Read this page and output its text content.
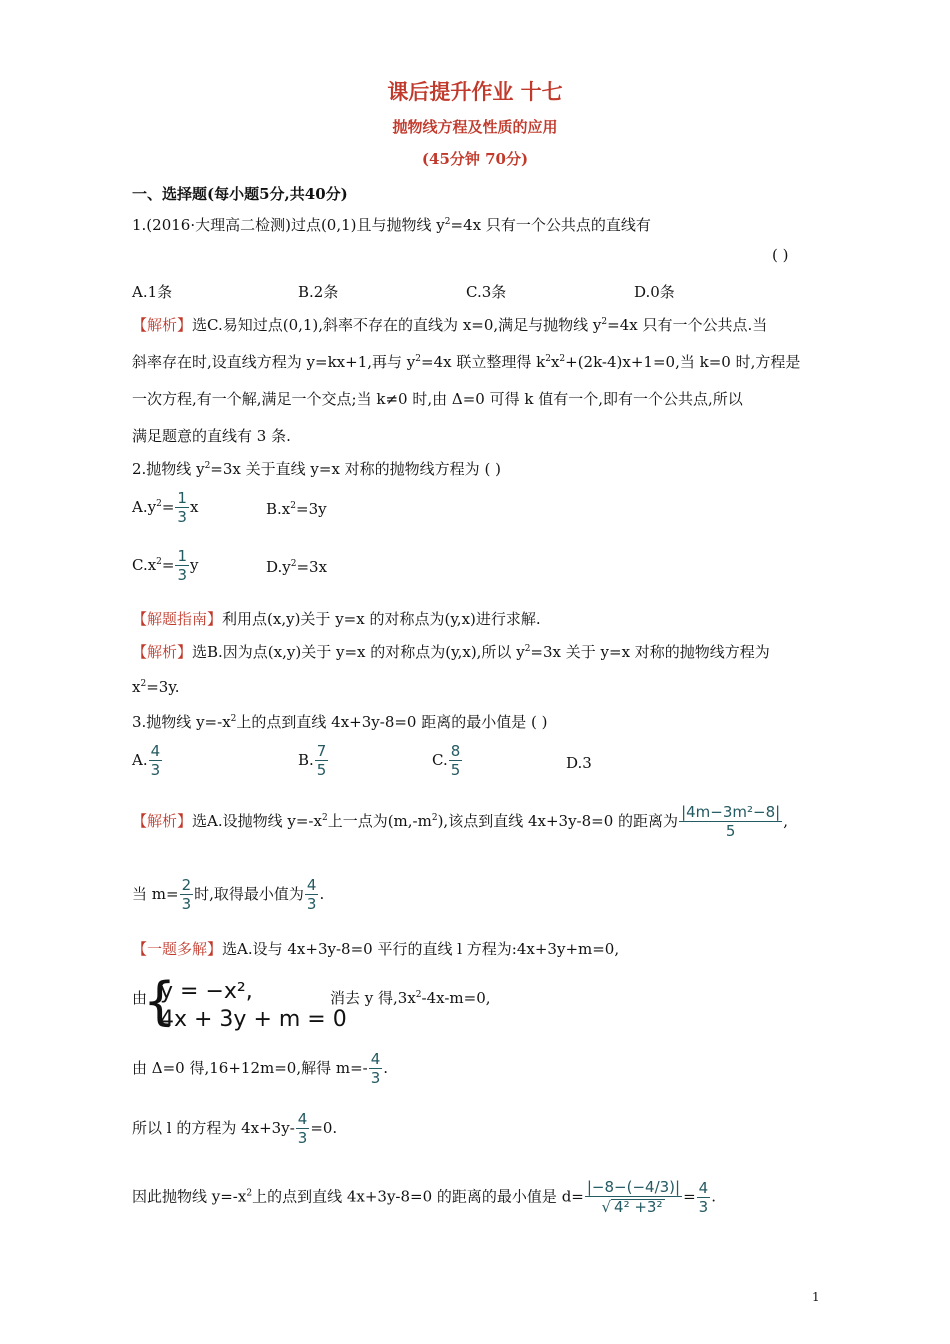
课后提升作业 十七
抛物线方程及性质的应用
(45分钟 70分)
一、选择题(每小题5分,共40分)
1.(2016·大理高二检测)过点(0,1)且与抛物线 $y^2=4x$ 只有一个公共点的直线有
( )
A.1条	B.2条	C.3条	D.0条
【解析】选C.易知过点(0,1),斜率不存在的直线为 x=0,满足与抛物线 $y^2=4x$ 只有一个公共点.当
斜率存在时,设直线方程为 y=kx+1,再与 $y^2=4x$ 联立整理得 $k^2x^2+(2k-4)x+1=0$,当 k=0 时,方程是
一次方程,有一个解,满足一个交点;当 k≠0 时,由 Δ=0 可得 k 值有一个,即有一个公共点,所以
满足题意的直线有 3 条.
2.抛物线 $y^2=3x$ 关于直线 y=x 对称的抛物线方程为 ( )
$A.y^2= \frac{1}{3}$ x	$B.x^2=3y$
$C.x^2= \frac{1}{3}$ y	$D.y^2=3x$
【解题指南】利用点(x,y)关于 y=x 的对称点为(y,x)进行求解.
【解析】选B.因为点(x,y)关于 y=x 的对称点为(y,x),所以 $y^2=3x$ 关于 y=x 对称的抛物线方程为
$x^2=3y$.
3.抛物线 $y=-x^2$上的点到直线 4x+3y-8=0 距离的最小值是 ( )
A. $\frac{4}{3}$	B. $\frac{7}{5}$	C. $\frac{8}{5}$	D.3
【解析】选A.设抛物线 $y=-x^2$上一点为$(m,-m^2)$,该点到直线 4x+3y-8=0 的距离为 $\frac{\text{|4m−3m²−8|}}{5}$ ,
当 $m= \frac{2}{3}$ 时,取得最小值为 $\frac{4}{3}$ .
【一题多解】选A.设与 4x+3y-8=0 平行的直线 l 方程为:4x+3y+m=0,
由
{
y = −x²,
4x + 3y + m = 0
消去 y 得$,3x^2-4x-m=0$,
由 Δ=0 得,16+12m=0,解得 $m=- \frac{4}{3}$ .
所以 l 的方程为 $4x+3y- \frac{4}{3} =0$.
因此抛物线 $y=-x^2$上的点到直线 4x+3y-8=0 的距离的最小值是 $d= \frac{|-8-(-4/3)|}{\text{√ 4² +3²}} = \frac{4}{3}$ .
1
